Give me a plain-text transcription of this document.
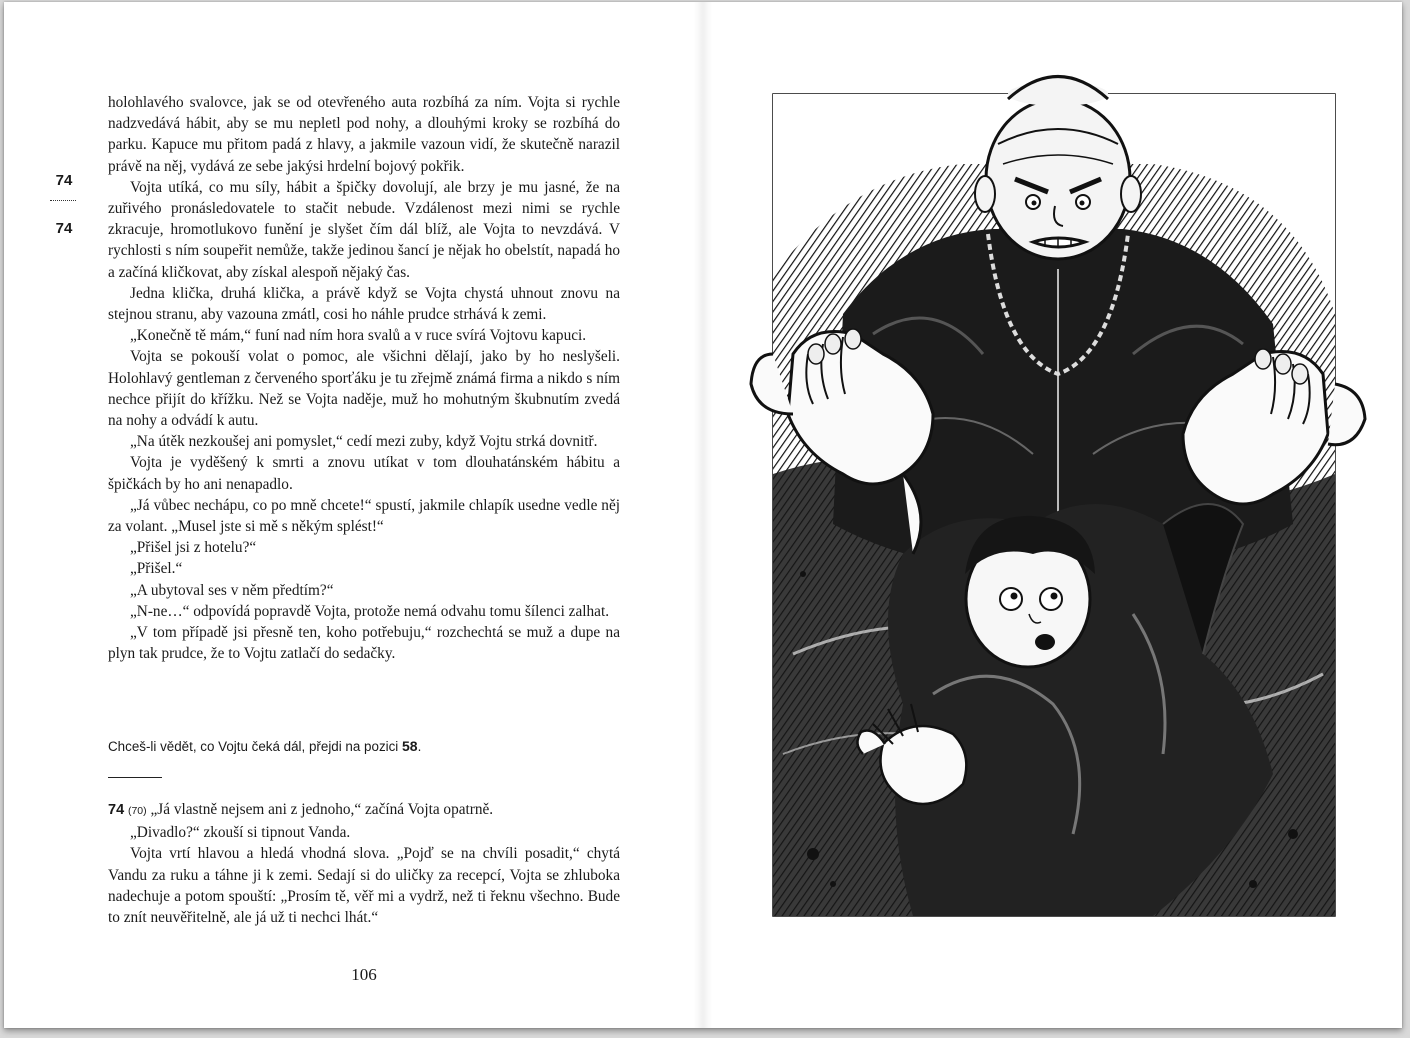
74
74

holohlavého svalovce, jak se od otevřeného auta rozbíhá za ním. Vojta si rychle nadzvedává hábit, aby se mu nepletl pod nohy, a dlouhými kroky se rozbíhá do parku. Kapuce mu přitom padá z hlavy, a jakmile vazoun vidí, že skutečně narazil právě na něj, vydává ze sebe jakýsi hrdelní bojový pokřik.

Vojta utíká, co mu síly, hábit a špičky dovolují, ale brzy je mu jasné, že na zuřivého pronásledovatele to stačit nebude. Vzdálenost mezi nimi se rychle zkracuje, hromotlukovo funění je slyšet čím dál blíž, ale Vojta to nevzdává. V rychlosti s ním soupeřit nemůže, takže jedinou šancí je nějak ho obelstít, napadá ho a začíná kličkovat, aby získal alespoň nějaký čas.

Jedna klička, druhá klička, a právě když se Vojta chystá uhnout znovu na stejnou stranu, aby vazouna zmátl, cosi ho náhle prudce strhává k zemi.

„Konečně tě mám,“ funí nad ním hora svalů a v ruce svírá Vojtovu kapuci.

Vojta se pokouší volat o pomoc, ale všichni dělají, jako by ho neslyšeli. Holohlavý gentleman z červeného sporťáku je tu zřejmě známá firma a nikdo s ním nechce přijít do křížku. Než se Vojta naděje, muž ho mohutným škubnutím zvedá na nohy a odvádí k autu.

„Na útěk nezkoušej ani pomyslet,“ cedí mezi zuby, když Vojtu strká dovnitř.

Vojta je vyděšený k smrti a znovu utíkat v tom dlouhatánském hábitu a špičkách by ho ani nenapadlo.

„Já vůbec nechápu, co po mně chcete!“ spustí, jakmile chlapík usedne vedle něj za volant. „Musel jste si mě s někým splést!“

„Přišel jsi z hotelu?“

„Přišel.“

„A ubytoval ses v něm předtím?“

„N-ne…“ odpovídá popravdě Vojta, protože nemá odvahu tomu šílenci zalhat.

„V tom případě jsi přesně ten, koho potřebuju,“ rozchechtá se muž a dupe na plyn tak prudce, že to Vojtu zatlačí do sedačky.

Chceš-li vědět, co Vojtu čeká dál, přejdi na pozici 58.

74 (70) „Já vlastně nejsem ani z jednoho,“ začíná Vojta opatrně.

„Divadlo?“ zkouší si tipnout Vanda.

Vojta vrtí hlavou a hledá vhodná slova. „Pojď se na chvíli posadit,“ chytá Vandu za ruku a táhne ji k zemi. Sedají si do uličky za recepcí, Vojta se zhluboka nadechuje a potom spouští: „Prosím tě, věř mi a vydrž, než ti řeknu všechno. Bude to znít neuvěřitelně, ale já už ti nechci lhát.“

106
